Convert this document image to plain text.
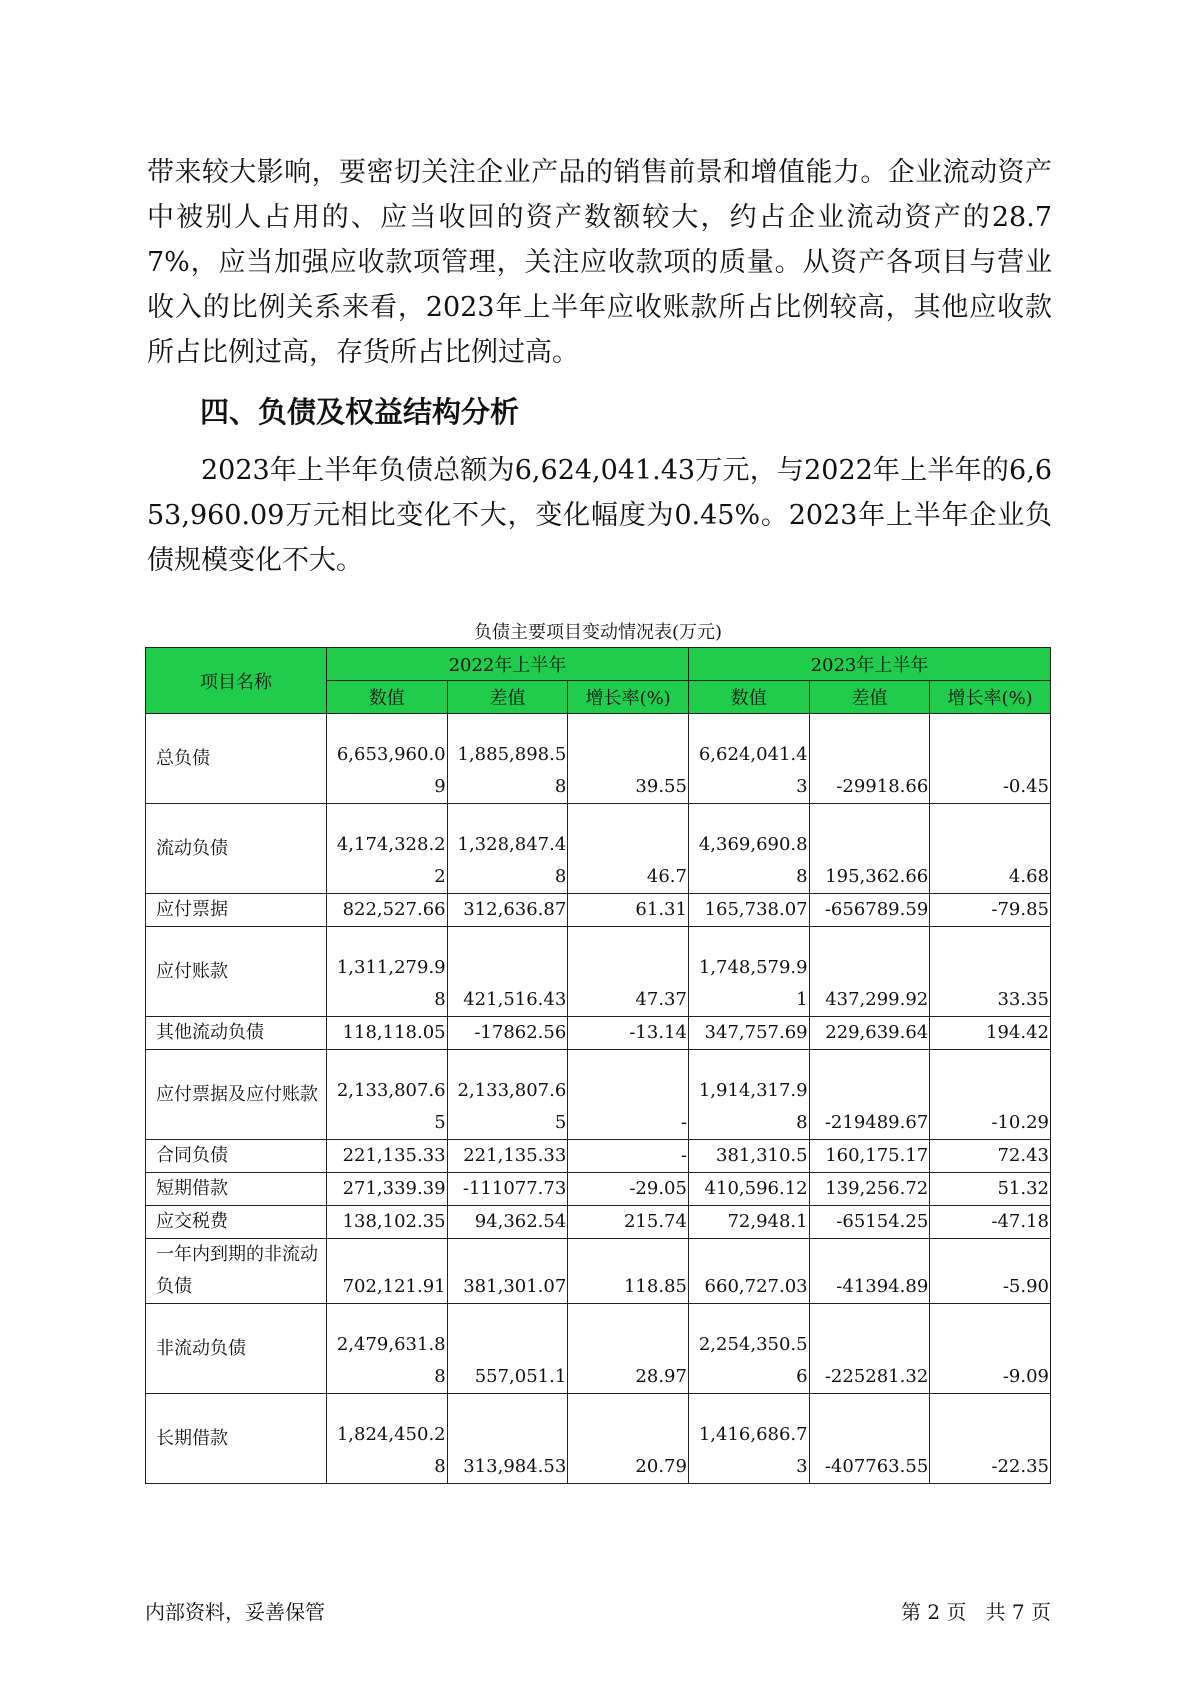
带来较大影响，要密切关注企业产品的销售前景和增值能力。企业流动资产中被别人占用的、应当收回的资产数额较大，约占企业流动资产的28.77%，应当加强应收款项管理，关注应收款项的质量。从资产各项目与营业收入的比例关系来看，2023年上半年应收账款所占比例较高，其他应收款所占比例过高，存货所占比例过高。

四、负债及权益结构分析

2023年上半年负债总额为6,624,041.43万元，与2022年上半年的6,653,960.09万元相比变化不大，变化幅度为0.45%。2023年上半年企业负债规模变化不大。

负债主要项目变动情况表(万元)
项目名称	2022年上半年			2023年上半年		
	数值	差值	增长率(%)	数值	差值	增长率(%)
总负债	6,653,960.09	1,885,898.58	39.55	6,624,041.43	-29918.66	-0.45
流动负债	4,174,328.22	1,328,847.48	46.7	4,369,690.88	195,362.66	4.68
应付票据	822,527.66	312,636.87	61.31	165,738.07	-656789.59	-79.85
应付账款	1,311,279.98	421,516.43	47.37	1,748,579.91	437,299.92	33.35
其他流动负债	118,118.05	-17862.56	-13.14	347,757.69	229,639.64	194.42
应付票据及应付账款	2,133,807.65	2,133,807.65	-	1,914,317.98	-219489.67	-10.29
合同负债	221,135.33	221,135.33	-	381,310.5	160,175.17	72.43
短期借款	271,339.39	-111077.73	-29.05	410,596.12	139,256.72	51.32
应交税费	138,102.35	94,362.54	215.74	72,948.1	-65154.25	-47.18
一年内到期的非流动负债	702,121.91	381,301.07	118.85	660,727.03	-41394.89	-5.90
非流动负债	2,479,631.88	557,051.1	28.97	2,254,350.56	-225281.32	-9.09
长期借款	1,824,450.28	313,984.53	20.79	1,416,686.73	-407763.55	-22.35
内部资料，妥善保管	第 2 页   共 7 页
